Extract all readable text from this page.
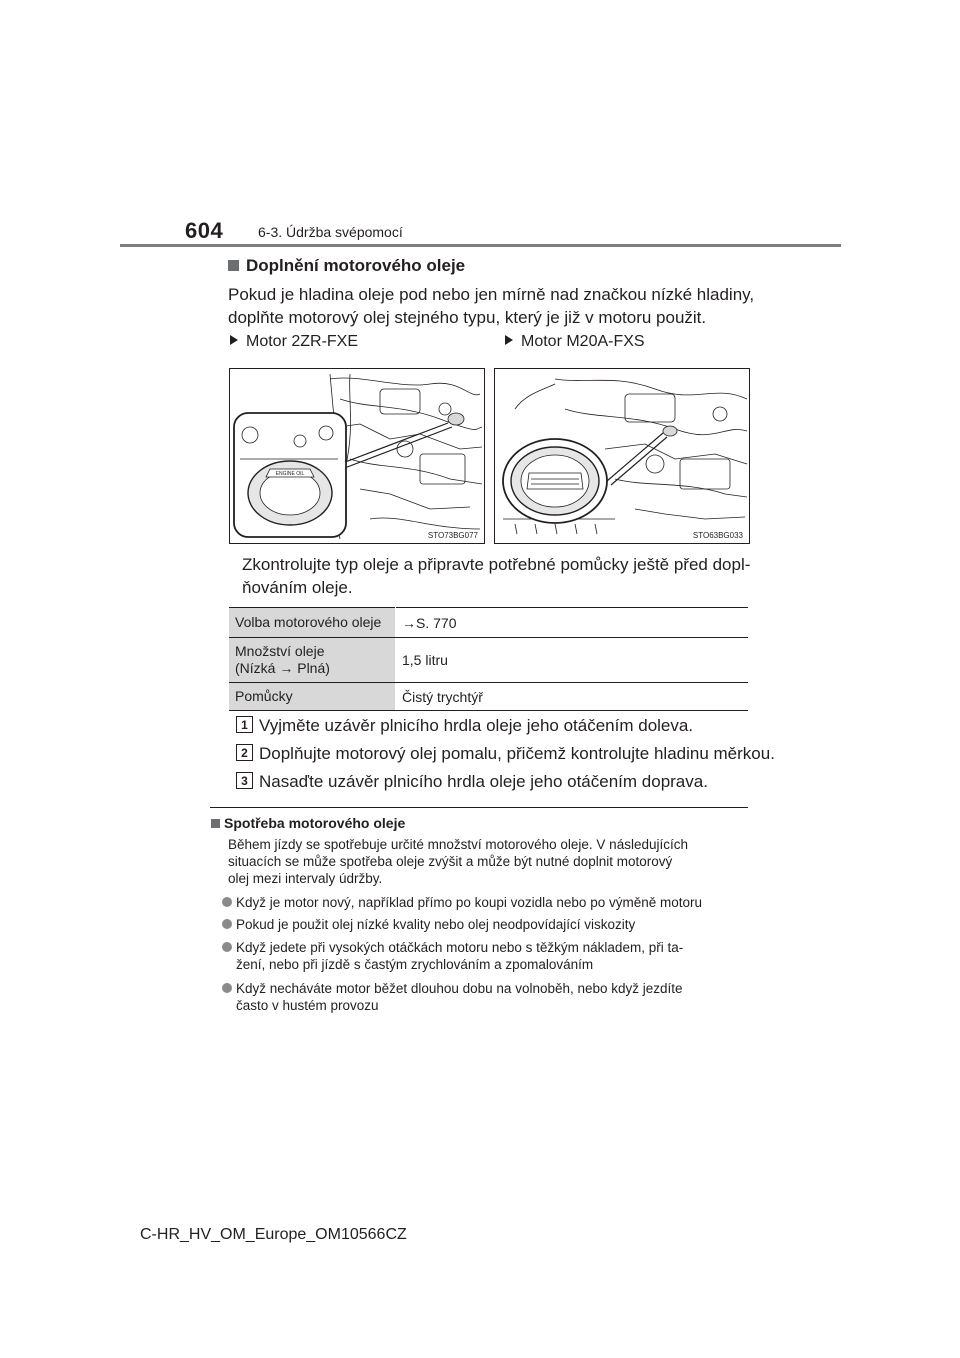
604 6-3. Údržba svépomocí
Doplnění motorového oleje
Pokud je hladina oleje pod nebo jen mírně nad značkou nízké hladiny,
doplňte motorový olej stejného typu, který je již v motoru použit.
Motor 2ZR-FXE	Motor M20A-FXS
ENGINE OIL
STO73BG077	STO63BG033
Zkontrolujte typ oleje a připravte potřebné pomůcky ještě před dopl-
ňováním oleje.
Volba motorového oleje	→S. 770

Množství oleje
(Nízká → Plná)	1,5 litru
Pomůcky	Čistý trychtýř
1 Vyjměte uzávěr plnicího hrdla oleje jeho otáčením doleva.
2 Doplňujte motorový olej pomalu, přičemž kontrolujte hladinu měrkou.
3 Nasaďte uzávěr plnicího hrdla oleje jeho otáčením doprava.
Spotřeba motorového oleje
Během jízdy se spotřebuje určité množství motorového oleje. V následujících
situacích se může spotřeba oleje zvýšit a může být nutné doplnit motorový
olej mezi intervaly údržby.
Když je motor nový, například přímo po koupi vozidla nebo po výměně motoru
Pokud je použit olej nízké kvality nebo olej neodpovídající viskozity
Když jedete při vysokých otáčkách motoru nebo s těžkým nákladem, při ta-
žení, nebo při jízdě s častým zrychlováním a zpomalováním
Když necháváte motor běžet dlouhou dobu na volnoběh, nebo když jezdíte
často v hustém provozu
C-HR_HV_OM_Europe_OM10566CZ
